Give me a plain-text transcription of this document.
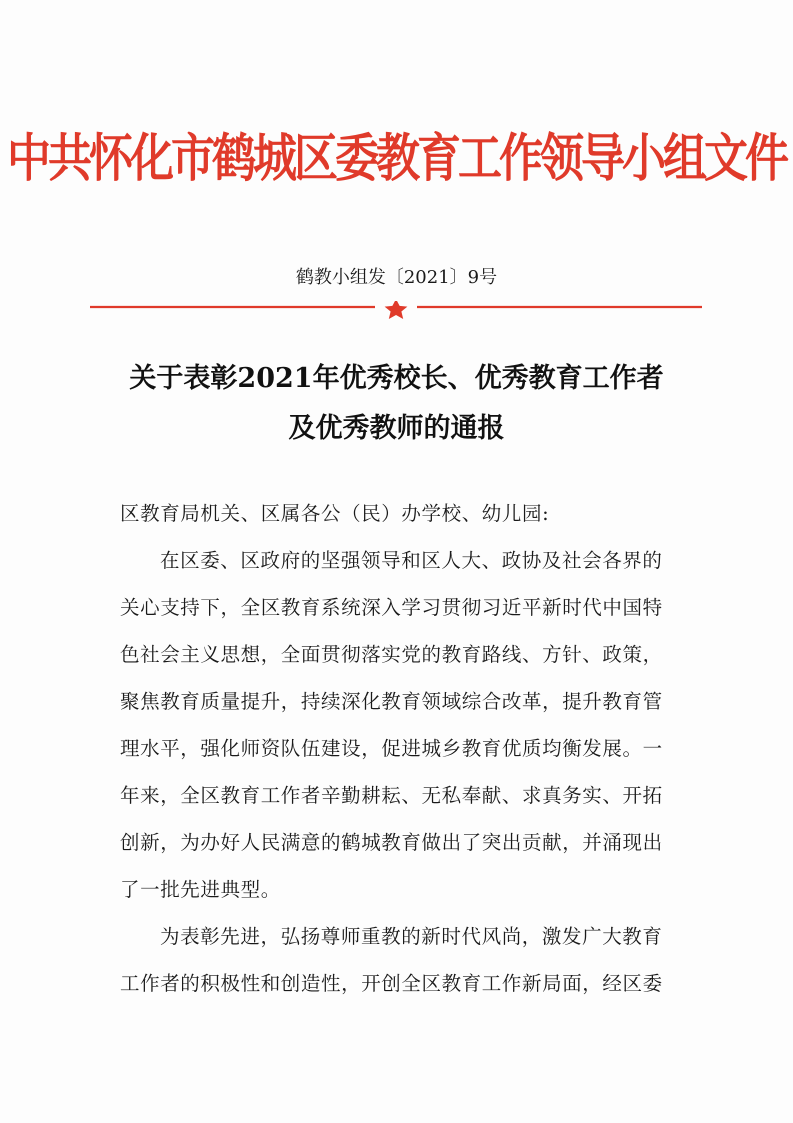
中共怀化市鹤城区委教育工作领导小组文件
鹤教小组发〔2021〕9号
关于表彰2021年优秀校长、优秀教育工作者
及优秀教师的通报
区教育局机关、区属各公（民）办学校、幼儿园:
在区委、区政府的坚强领导和区人大、政协及社会各界的
关心支持下，全区教育系统深入学习贯彻习近平新时代中国特
色社会主义思想，全面贯彻落实党的教育路线、方针、政策，
聚焦教育质量提升，持续深化教育领域综合改革，提升教育管
理水平，强化师资队伍建设，促进城乡教育优质均衡发展。一
年来，全区教育工作者辛勤耕耘、无私奉献、求真务实、开拓
创新，为办好人民满意的鹤城教育做出了突出贡献，并涌现出
了一批先进典型。
为表彰先进，弘扬尊师重教的新时代风尚，激发广大教育
工作者的积极性和创造性，开创全区教育工作新局面，经区委
